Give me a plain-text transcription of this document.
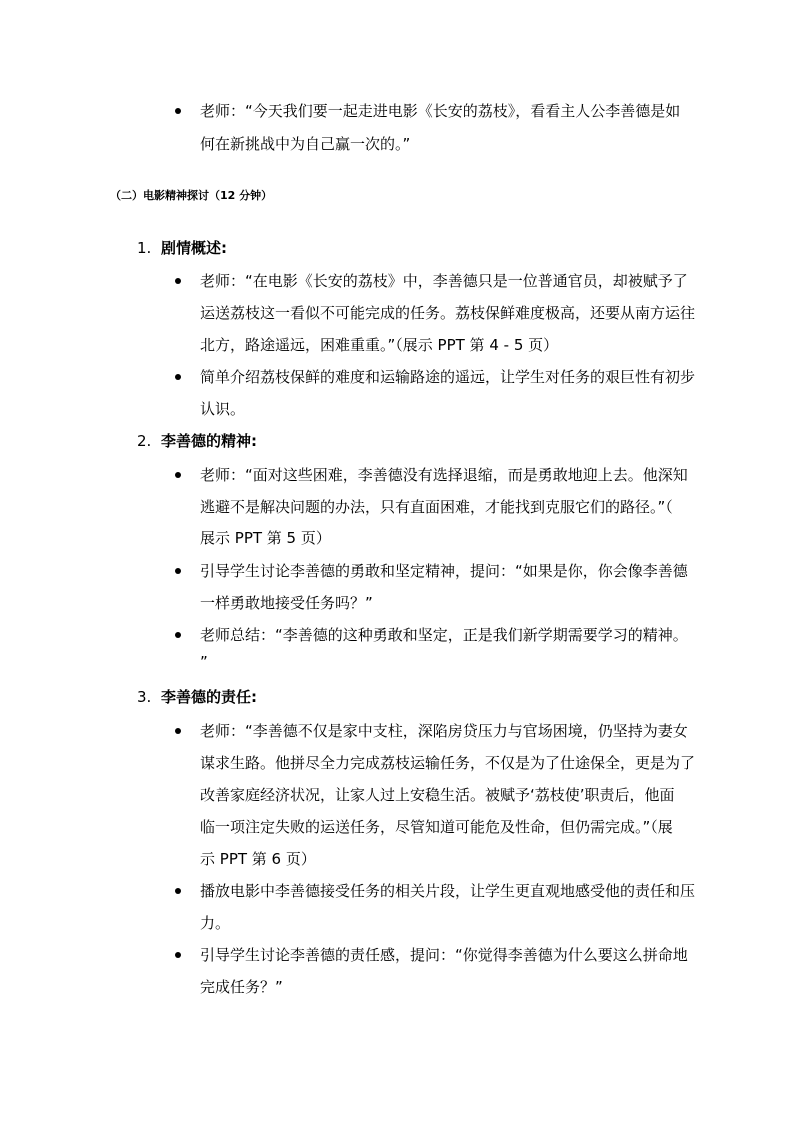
老师：“今天我们要一起走进电影《长安的荔枝》，看看主人公李善德是如
何在新挑战中为自己赢一次的。”
（二）电影精神探讨（12 分钟）
1. 剧情概述:
老师：“在电影《长安的荔枝》中，李善德只是一位普通官员，却被赋予了
运送荔枝这一看似不可能完成的任务。荔枝保鲜难度极高，还要从南方运往
北方，路途遥远，困难重重。”（展示 PPT 第 4 - 5 页）
简单介绍荔枝保鲜的难度和运输路途的遥远，让学生对任务的艰巨性有初步
认识。
2. 李善德的精神:
老师：“面对这些困难，李善德没有选择退缩，而是勇敢地迎上去。他深知
逃避不是解决问题的办法，只有直面困难，才能找到克服它们的路径。”（
展示 PPT 第 5 页）
引导学生讨论李善德的勇敢和坚定精神，提问：“如果是你，你会像李善德
一样勇敢地接受任务吗？”
老师总结：“李善德的这种勇敢和坚定，正是我们新学期需要学习的精神。
”
3. 李善德的责任:
老师：“李善德不仅是家中支柱，深陷房贷压力与官场困境，仍坚持为妻女
谋求生路。他拼尽全力完成荔枝运输任务，不仅是为了仕途保全，更是为了
改善家庭经济状况，让家人过上安稳生活。被赋予‘荔枝使’职责后，他面
临一项注定失败的运送任务，尽管知道可能危及性命，但仍需完成。”（展
示 PPT 第 6 页）
播放电影中李善德接受任务的相关片段，让学生更直观地感受他的责任和压
力。
引导学生讨论李善德的责任感，提问：“你觉得李善德为什么要这么拼命地
完成任务？”
